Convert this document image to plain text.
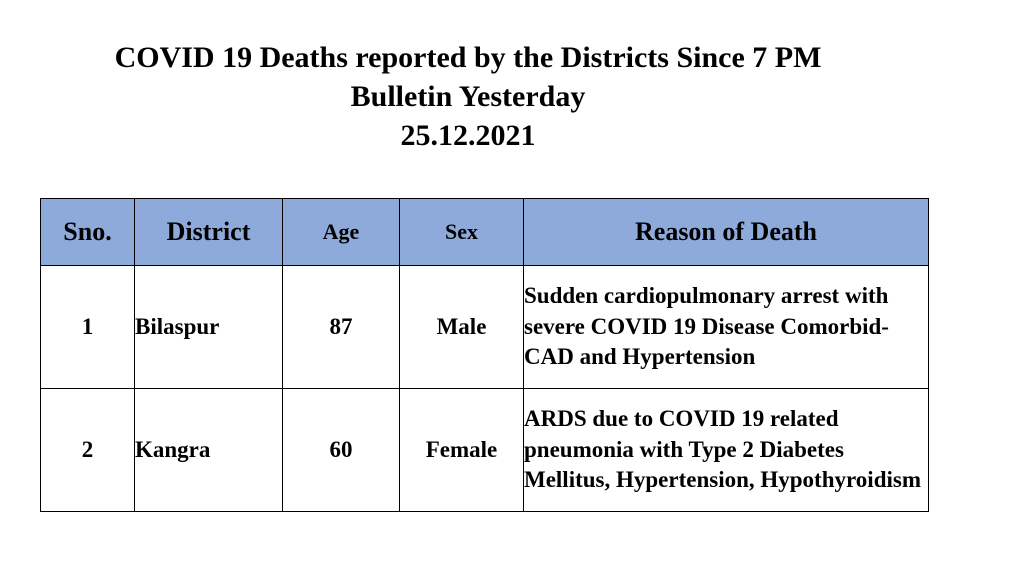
COVID 19 Deaths reported by the Districts Since 7 PM
Bulletin Yesterday
25.12.2021
Sno.	District	Age	Sex	Reason of Death
1	Bilaspur	87	Male	Sudden cardiopulmonary arrest with severe COVID 19 Disease Comorbid- CAD and Hypertension
2	Kangra	60	Female	ARDS due to COVID 19 related pneumonia with Type 2 Diabetes Mellitus, Hypertension, Hypothyroidism
